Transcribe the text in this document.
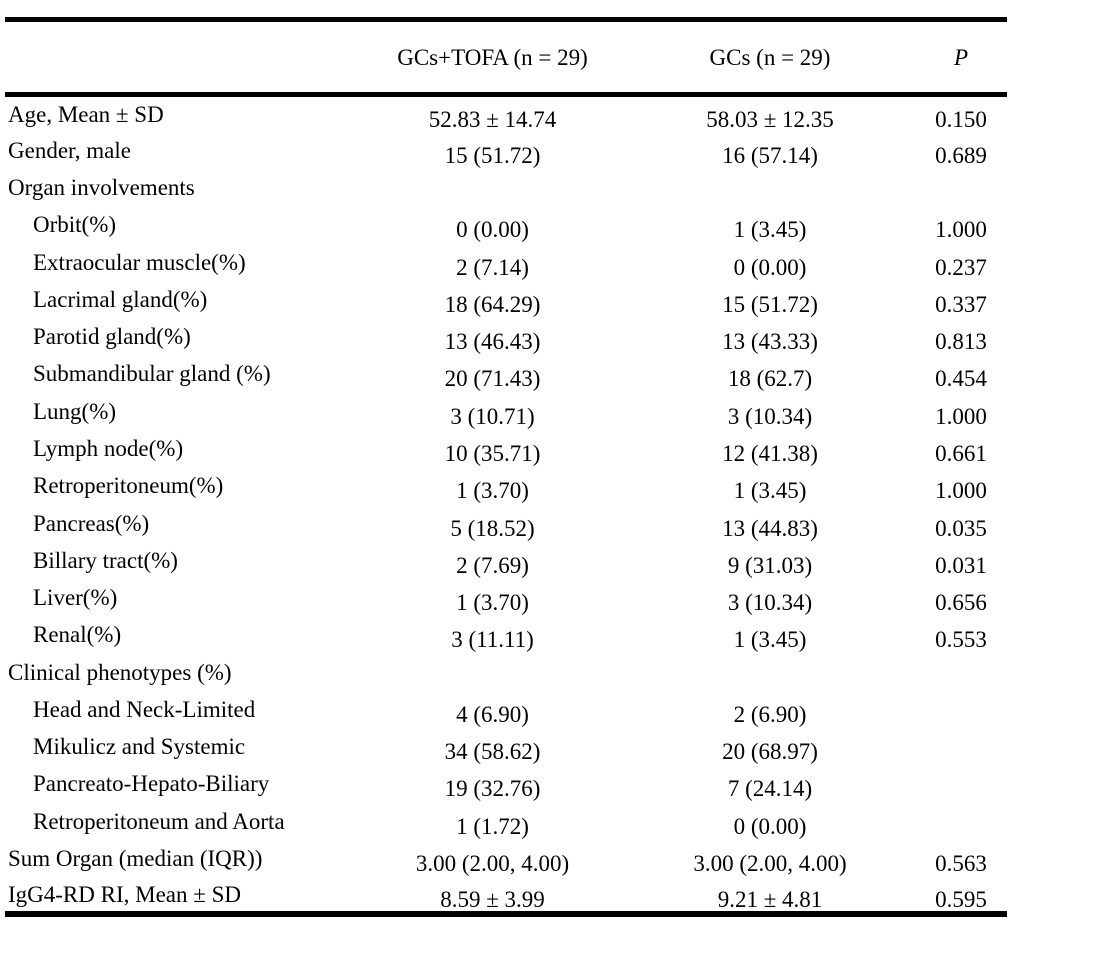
	GCs+TOFA (n = 29)	GCs (n = 29)	P
Age, Mean ± SD	52.83 ± 14.74	58.03 ± 12.35	0.150
Gender, male	15 (51.72)	16 (57.14)	0.689
Organ involvements			
Orbit(%)	0 (0.00)	1 (3.45)	1.000
Extraocular muscle(%)	2 (7.14)	0 (0.00)	0.237
Lacrimal gland(%)	18 (64.29)	15 (51.72)	0.337
Parotid gland(%)	13 (46.43)	13 (43.33)	0.813
Submandibular gland (%)	20 (71.43)	18 (62.7)	0.454
Lung(%)	3 (10.71)	3 (10.34)	1.000
Lymph node(%)	10 (35.71)	12 (41.38)	0.661
Retroperitoneum(%)	1 (3.70)	1 (3.45)	1.000
Pancreas(%)	5 (18.52)	13 (44.83)	0.035
Billary tract(%)	2 (7.69)	9 (31.03)	0.031
Liver(%)	1 (3.70)	3 (10.34)	0.656
Renal(%)	3 (11.11)	1 (3.45)	0.553
Clinical phenotypes (%)			
Head and Neck-Limited	4 (6.90)	2 (6.90)	
Mikulicz and Systemic	34 (58.62)	20 (68.97)	
Pancreato-Hepato-Biliary	19 (32.76)	7 (24.14)	
Retroperitoneum and Aorta	1 (1.72)	0 (0.00)	
Sum Organ (median (IQR))	3.00 (2.00, 4.00)	3.00 (2.00, 4.00)	0.563
IgG4-RD RI, Mean ± SD	8.59 ± 3.99	9.21 ± 4.81	0.595
